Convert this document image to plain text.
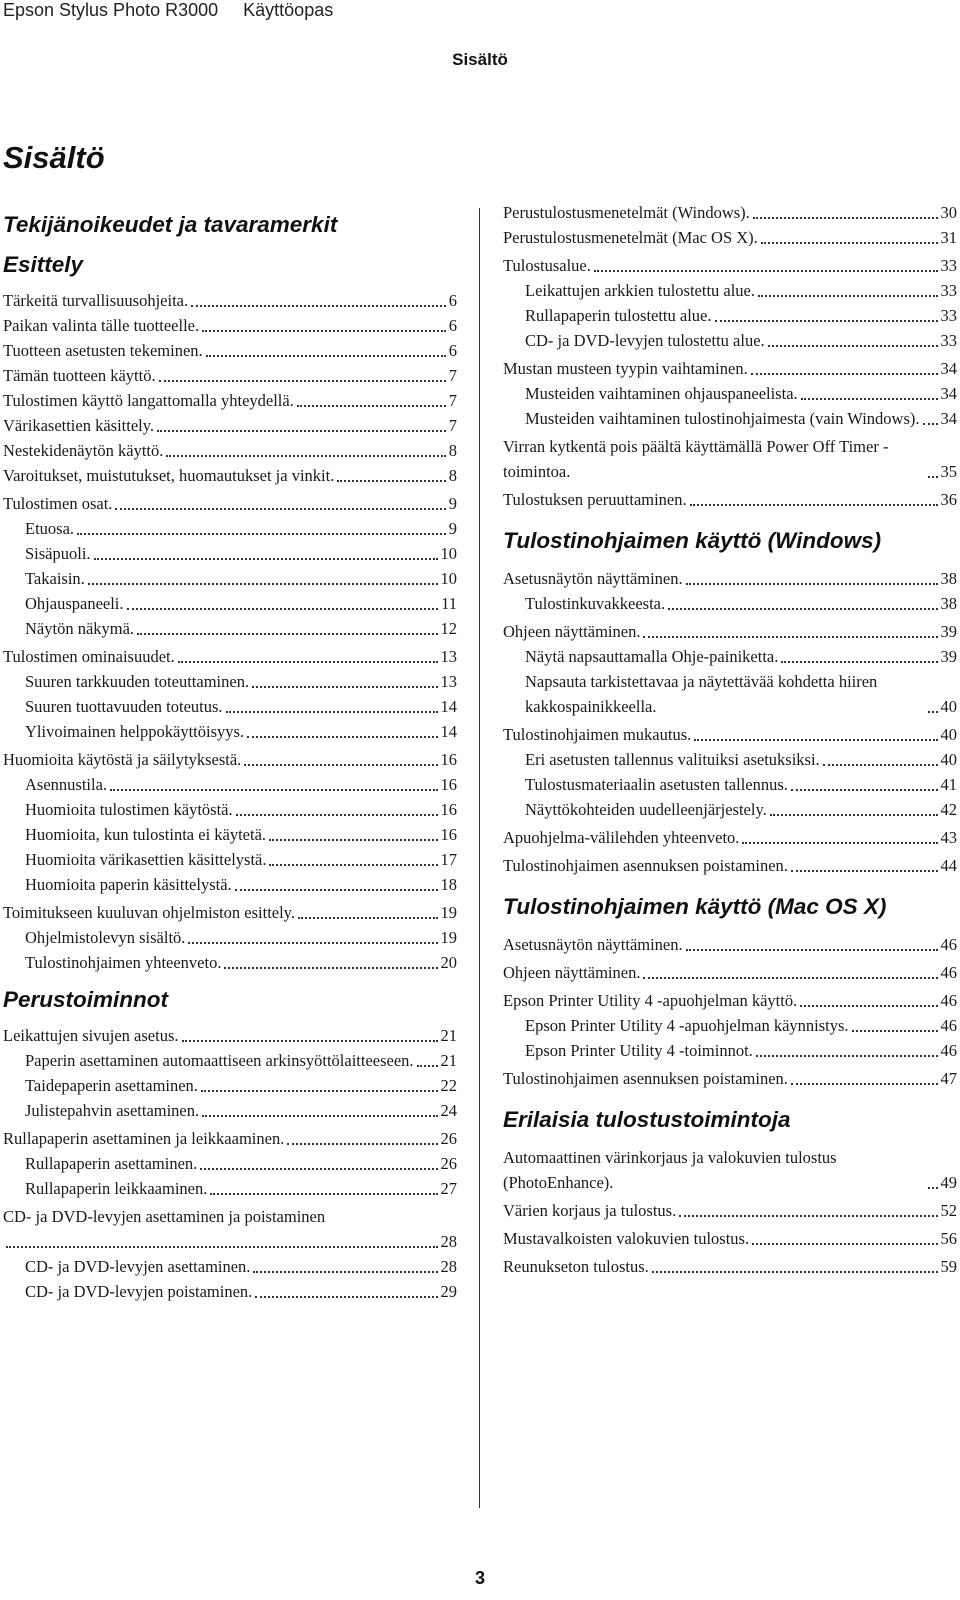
Epson Stylus Photo R3000 Käyttöopas
Sisältö
Sisältö
Tekijänoikeudet ja tavaramerkit
Esittely
Tärkeitä turvallisuusohjeita.	6
Paikan valinta tälle tuotteelle.	6
Tuotteen asetusten tekeminen.	6
Tämän tuotteen käyttö.	7
Tulostimen käyttö langattomalla yhteydellä.	7
Värikasettien käsittely.	7
Nestekidenäytön käyttö.	8
Varoitukset, muistutukset, huomautukset ja vinkit.	8
Tulostimen osat.	9
Etuosa.	9
Sisäpuoli.	10
Takaisin.	10
Ohjauspaneeli.	11
Näytön näkymä.	12
Tulostimen ominaisuudet.	13
Suuren tarkkuuden toteuttaminen.	13
Suuren tuottavuuden toteutus.	14
Ylivoimainen helppokäyttöisyys.	14
Huomioita käytöstä ja säilytyksestä.	16
Asennustila.	16
Huomioita tulostimen käytöstä.	16
Huomioita, kun tulostinta ei käytetä.	16
Huomioita värikasettien käsittelystä.	17
Huomioita paperin käsittelystä.	18
Toimitukseen kuuluvan ohjelmiston esittely.	19
Ohjelmistolevyn sisältö.	19
Tulostinohjaimen yhteenveto.	20
Perustoiminnot
Leikattujen sivujen asetus.	21
Paperin asettaminen automaattiseen arkinsyöttölaitteeseen. 21
Taidepaperin asettaminen.	22
Julistepahvin asettaminen.	24
Rullapaperin asettaminen ja leikkaaminen.	26
Rullapaperin asettaminen.	26
Rullapaperin leikkaaminen.	27
CD- ja DVD-levyjen asettaminen ja poistaminen
28
CD- ja DVD-levyjen asettaminen.	28
CD- ja DVD-levyjen poistaminen.	29
Perustulostusmenetelmät (Windows).	30
Perustulostusmenetelmät (Mac OS X).	31
Tulostusalue.	33
Leikattujen arkkien tulostettu alue.	33
Rullapaperin tulostettu alue.	33
CD- ja DVD-levyjen tulostettu alue.	33
Mustan musteen tyypin vaihtaminen.	34
Musteiden vaihtaminen ohjauspaneelista.	34
Musteiden vaihtaminen tulostinohjaimesta (vain Windows). 34
Virran kytkentä pois päältä käyttämällä Power Off Timer -toimintoa.	35
Tulostuksen peruuttaminen.	36
Tulostinohjaimen käyttö (Windows)
Asetusnäytön näyttäminen.	38
Tulostinkuvakkeesta.	38
Ohjeen näyttäminen.	39
Näytä napsauttamalla Ohje-painiketta.	39
Napsauta tarkistettavaa ja näytettävää kohdetta hiiren kakkospainikkeella.	40
Tulostinohjaimen mukautus.	40
Eri asetusten tallennus valituiksi asetuksiksi.	40
Tulostusmateriaalin asetusten tallennus.	41
Näyttökohteiden uudelleenjärjestely.	42
Apuohjelma-välilehden yhteenveto.	43
Tulostinohjaimen asennuksen poistaminen.	44
Tulostinohjaimen käyttö (Mac OS X)
Asetusnäytön näyttäminen.	46
Ohjeen näyttäminen.	46
Epson Printer Utility 4 -apuohjelman käyttö.	46
Epson Printer Utility 4 -apuohjelman käynnistys.	46
Epson Printer Utility 4 -toiminnot.	46
Tulostinohjaimen asennuksen poistaminen.	47
Erilaisia tulostustoimintoja
Automaattinen värinkorjaus ja valokuvien tulostus (PhotoEnhance).	49
Värien korjaus ja tulostus.	52
Mustavalkoisten valokuvien tulostus.	56
Reunukseton tulostus.	59
3
